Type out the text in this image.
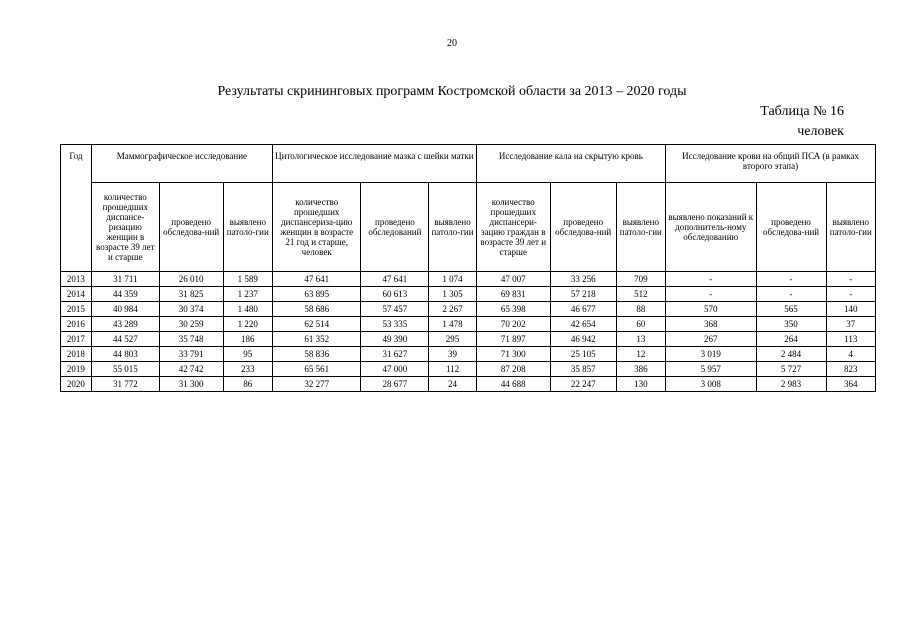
20
Результаты скрининговых программ Костромской области за 2013 – 2020 годы
Таблица № 16
человек
Год	Маммографическое исследование			Цитологическое исследование мазка с шейки матки			Исследование кала на скрытую кровь			Исследование крови на общий ПСА (в рамках второго этапа)		
	количество прошедших диспансе-ризацию женщин в возрасте 39 лет и старше	проведено обследова-ний	выявлено патоло-гии	количество прошедших диспансериза-цию женщин в возрасте 21 год и старше, человек	проведено обследований	выявлено патоло-гии	количество прошедших диспансери-зацию граждан в возрасте 39 лет и старше	проведено обследова-ний	выявлено патоло-гии	выявлено показаний к дополнитель-ному обследованию	проведено обследова-ний	выявлено патоло-гии
2013	31 711	26 010	1 589	47 641	47 641	1 074	47 007	33 256	709	-	-	-
2014	44 359	31 825	1 237	63 895	60 613	1 305	69 831	57 218	512	-	-	-
2015	40 984	30 374	1 480	58 686	57 457	2 267	65 398	46 677	88	570	565	140
2016	43 289	30 259	1 220	62 514	53 335	1 478	70 202	42 654	60	368	350	37
2017	44 527	35 748	186	61 352	49 390	295	71 897	46 942	13	267	264	113
2018	44 803	33 791	95	58 836	31 627	39	71 300	25 105	12	3 019	2 484	4
2019	55 015	42 742	233	65 561	47 000	112	87 208	35 857	386	5 957	5 727	823
2020	31 772	31 300	86	32 277	28 677	24	44 688	22 247	130	3 008	2 983	364
